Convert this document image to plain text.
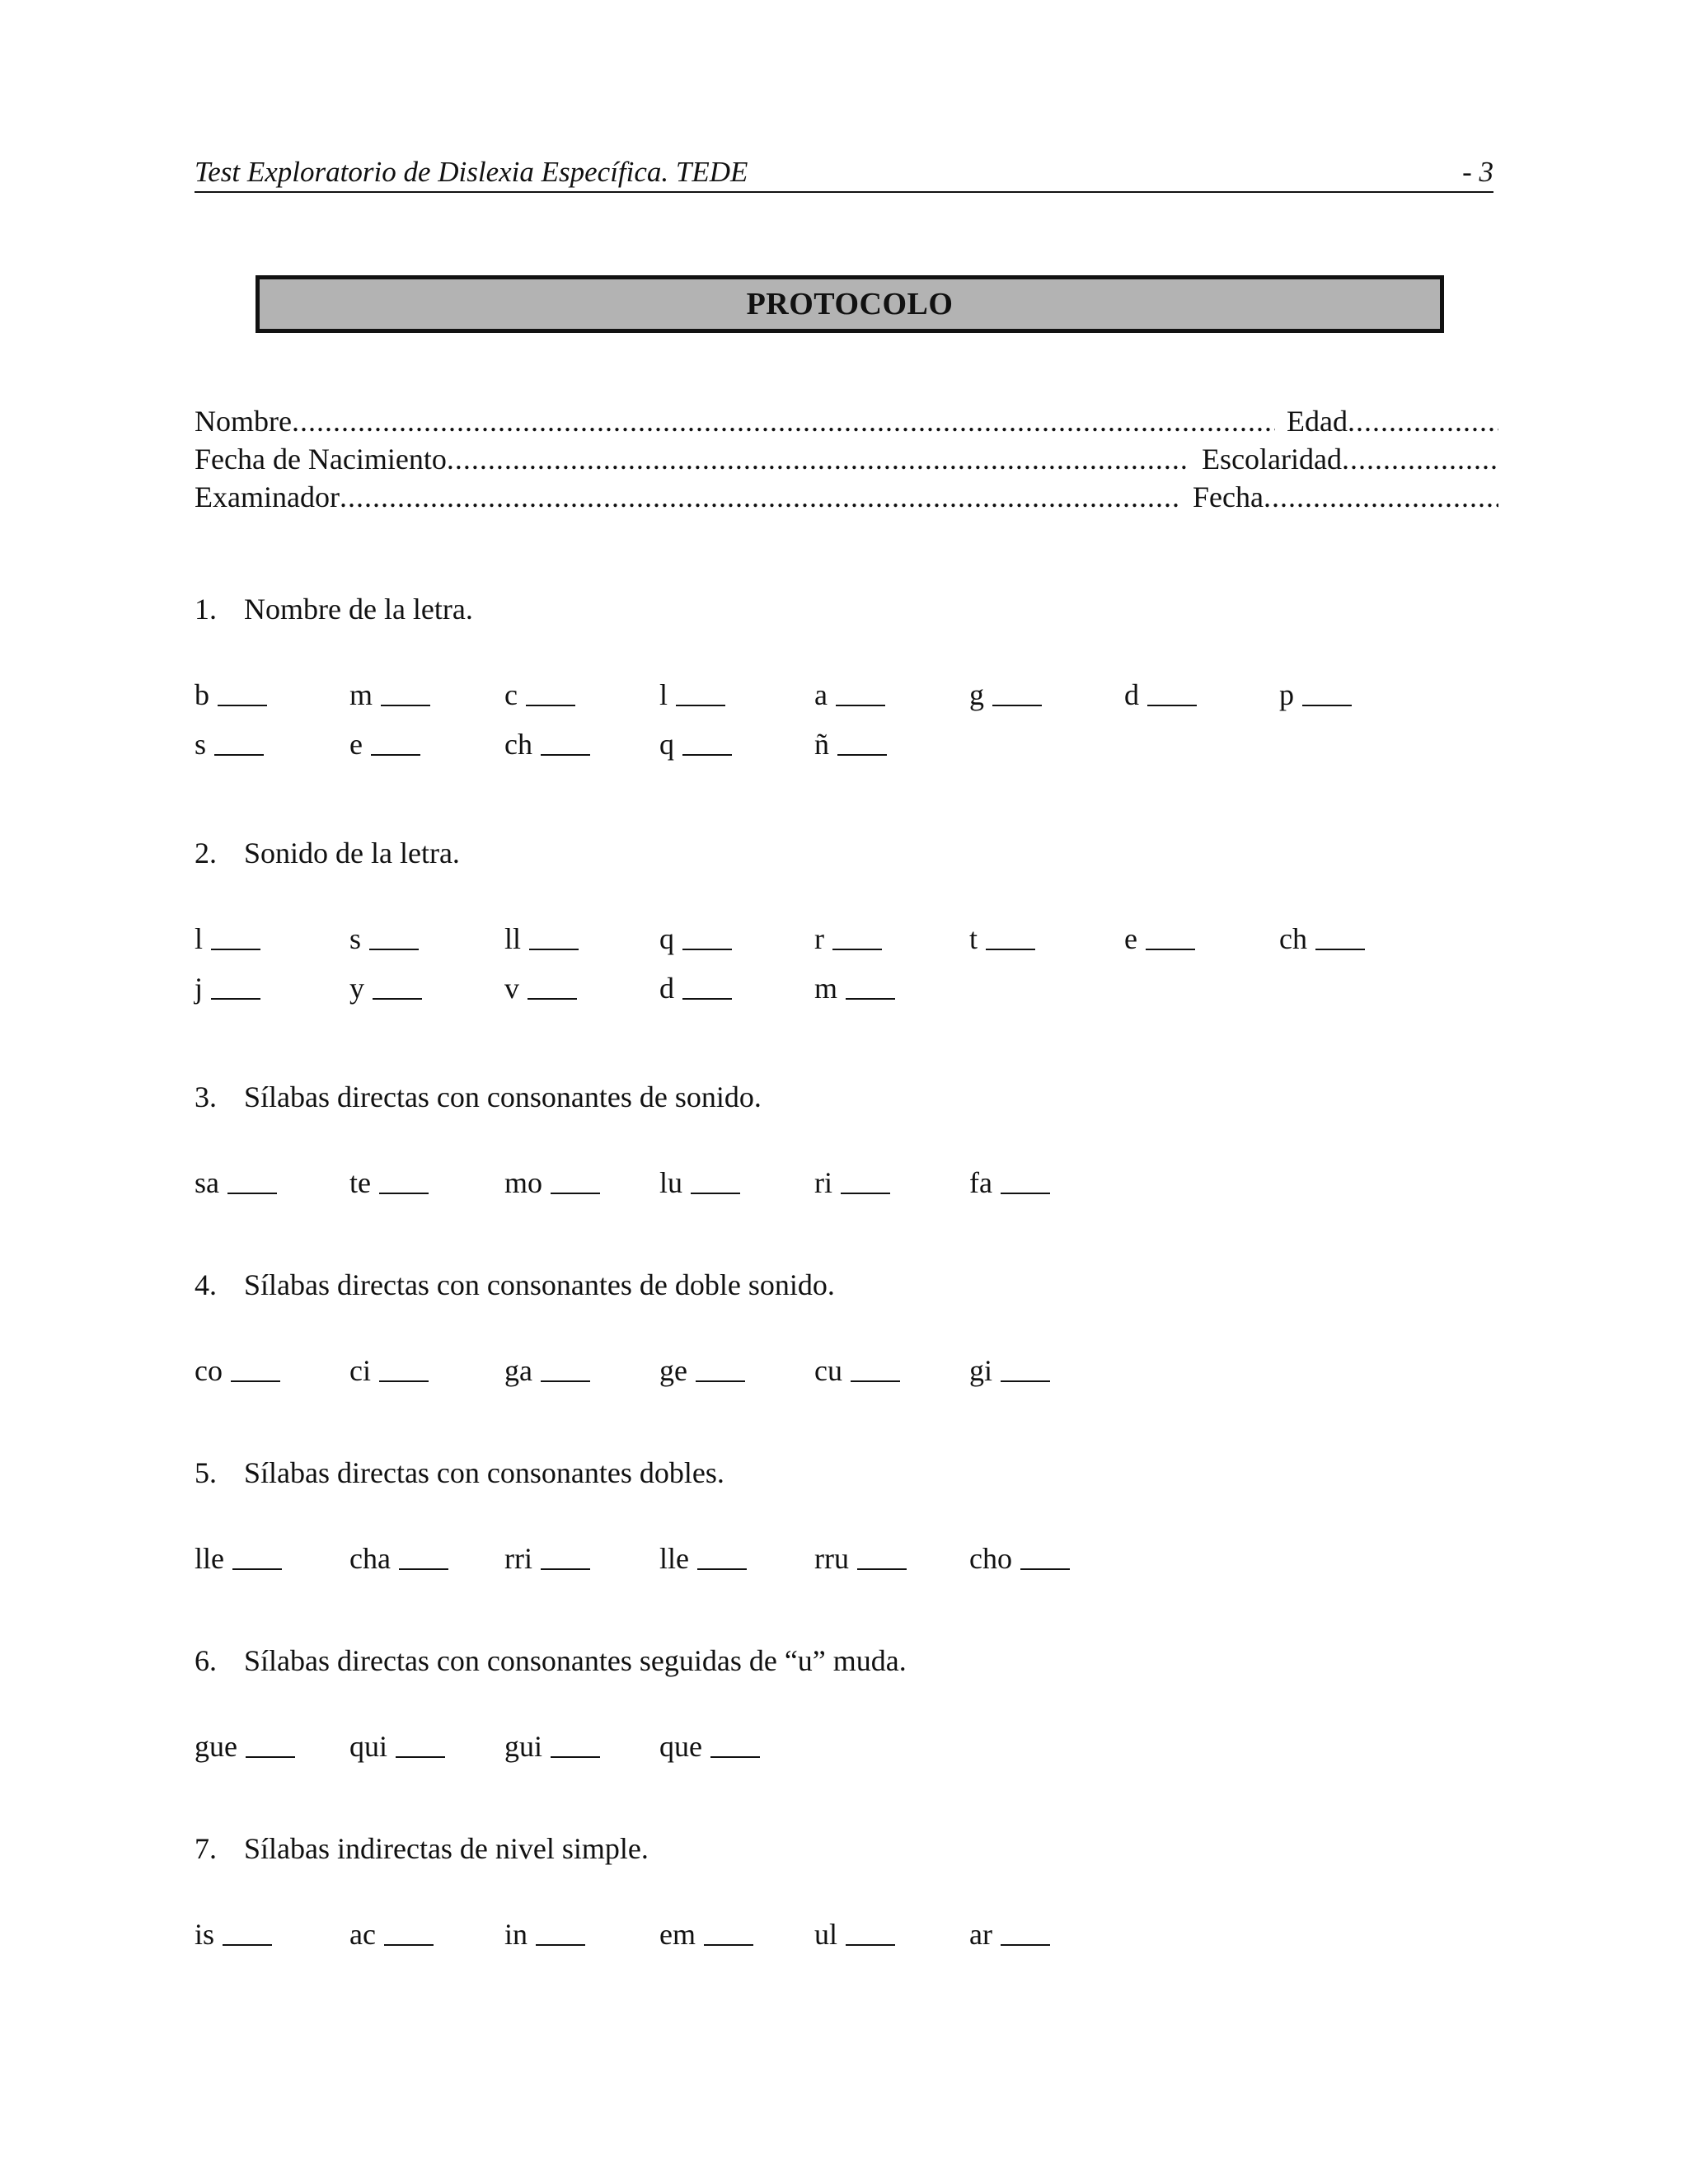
Test Exploratorio de Dislexia Específica. TEDE	- 3
PROTOCOLO
Nombre .....	Edad
.....
Fecha de Nacimiento .....	Escolaridad
.....
Examinador .....	Fecha
.....
1. Nombre de la letra.
b	m	c	l	a	g	d	p
s	e	ch	q	ñ
2. Sonido de la letra.
l	s	ll	q	r	t	e	ch
j	y	v	d	m
3. Sílabas directas con consonantes de sonido.
sa	te	mo	lu	ri	fa
4. Sílabas directas con consonantes de doble sonido.
co	ci	ga	ge	cu	gi
5. Sílabas directas con consonantes dobles.
lle	cha	rri	lle	rru	cho
6. Sílabas directas con consonantes seguidas de “u” muda.
gue	qui	gui	que
7. Sílabas indirectas de nivel simple.
is	ac	in	em	ul	ar
